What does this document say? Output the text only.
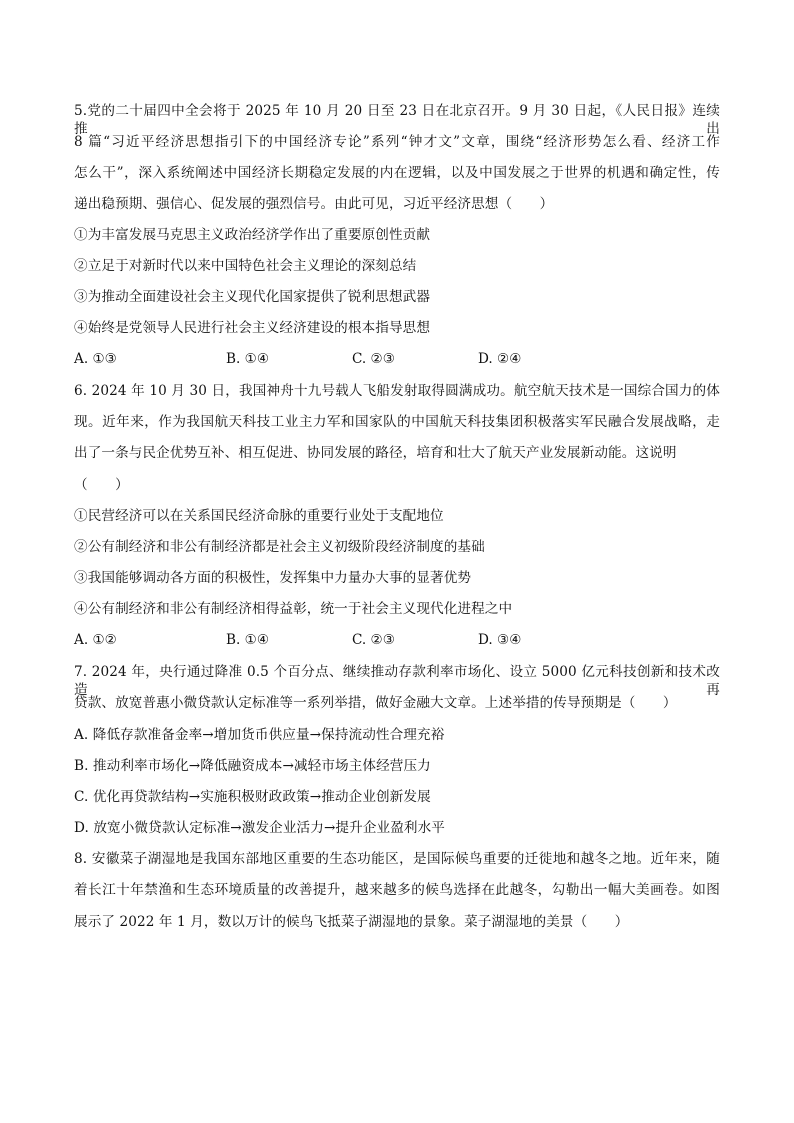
5.党的二十届四中全会将于 2025 年 10 月 20 日至 23 日在北京召开。9 月 30 日起，《人民日报》连续推出
8 篇“习近平经济思想指引下的中国经济专论”系列“钟才文”文章，围绕“经济形势怎么看、经济工作
怎么干”，深入系统阐述中国经济长期稳定发展的内在逻辑，以及中国发展之于世界的机遇和确定性，传
递出稳预期、强信心、促发展的强烈信号。由此可见，习近平经济思想（　　）
①为丰富发展马克思主义政治经济学作出了重要原创性贡献
②立足于对新时代以来中国特色社会主义理论的深刻总结
③为推动全面建设社会主义现代化国家提供了锐利思想武器
④始终是党领导人民进行社会主义经济建设的根本指导思想
A. ①③	B. ①④	C. ②③	D. ②④
6. 2024 年 10 月 30 日，我国神舟十九号载人飞船发射取得圆满成功。航空航天技术是一国综合国力的体
现。近年来，作为我国航天科技工业主力军和国家队的中国航天科技集团积极落实军民融合发展战略，走
出了一条与民企优势互补、相互促进、协同发展的路径，培育和壮大了航天产业发展新动能。这说明
（　　）
①民营经济可以在关系国民经济命脉的重要行业处于支配地位
②公有制经济和非公有制经济都是社会主义初级阶段经济制度的基础
③我国能够调动各方面的积极性，发挥集中力量办大事的显著优势
④公有制经济和非公有制经济相得益彰，统一于社会主义现代化进程之中
A. ①②	B. ①④	C. ②③	D. ③④
7. 2024 年，央行通过降准 0.5 个百分点、继续推动存款利率市场化、设立 5000 亿元科技创新和技术改造再
贷款、放宽普惠小微贷款认定标准等一系列举措，做好金融大文章。上述举措的传导预期是（　　）
A. 降低存款准备金率→增加货币供应量→保持流动性合理充裕
B. 推动利率市场化→降低融资成本→减轻市场主体经营压力
C. 优化再贷款结构→实施积极财政政策→推动企业创新发展
D. 放宽小微贷款认定标准→激发企业活力→提升企业盈利水平
8. 安徽菜子湖湿地是我国东部地区重要的生态功能区，是国际候鸟重要的迁徙地和越冬之地。近年来，随
着长江十年禁渔和生态环境质量的改善提升，越来越多的候鸟选择在此越冬，勾勒出一幅大美画卷。如图
展示了 2022 年 1 月，数以万计的候鸟飞抵菜子湖湿地的景象。菜子湖湿地的美景（　　）
